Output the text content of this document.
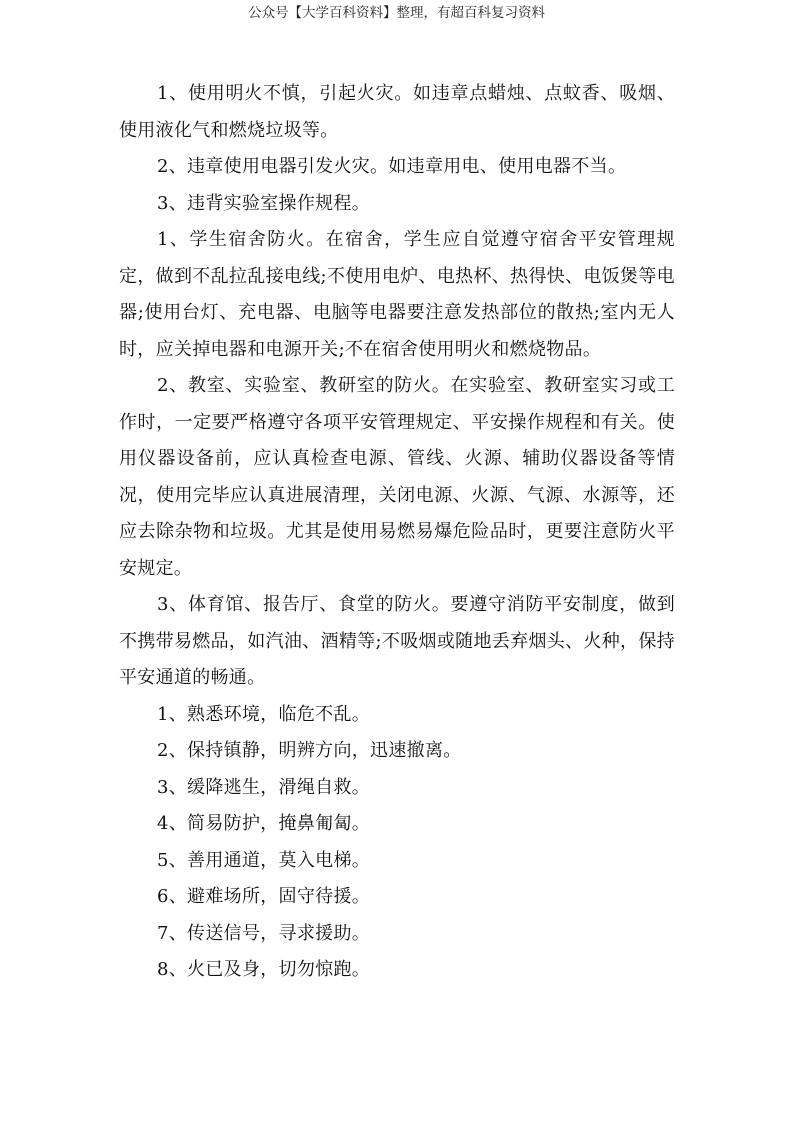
公众号【大学百科资料】整理，有超百科复习资料

1、使用明火不慎，引起火灾。如违章点蜡烛、点蚊香、吸烟、使用液化气和燃烧垃圾等。

2、违章使用电器引发火灾。如违章用电、使用电器不当。

3、违背实验室操作规程。

1、学生宿舍防火。在宿舍，学生应自觉遵守宿舍平安管理规定，做到不乱拉乱接电线;不使用电炉、电热杯、热得快、电饭煲等电器;使用台灯、充电器、电脑等电器要注意发热部位的散热;室内无人时，应关掉电器和电源开关;不在宿舍使用明火和燃烧物品。

2、教室、实验室、教研室的防火。在实验室、教研室实习或工作时，一定要严格遵守各项平安管理规定、平安操作规程和有关。使用仪器设备前，应认真检查电源、管线、火源、辅助仪器设备等情况，使用完毕应认真进展清理，关闭电源、火源、气源、水源等，还应去除杂物和垃圾。尤其是使用易燃易爆危险品时，更要注意防火平安规定。

3、体育馆、报告厅、食堂的防火。要遵守消防平安制度，做到不携带易燃品，如汽油、酒精等;不吸烟或随地丢弃烟头、火种，保持平安通道的畅通。

1、熟悉环境，临危不乱。

2、保持镇静，明辨方向，迅速撤离。

3、缓降逃生，滑绳自救。

4、简易防护，掩鼻匍匐。

5、善用通道，莫入电梯。

6、避难场所，固守待援。

7、传送信号，寻求援助。

8、火已及身，切勿惊跑。
